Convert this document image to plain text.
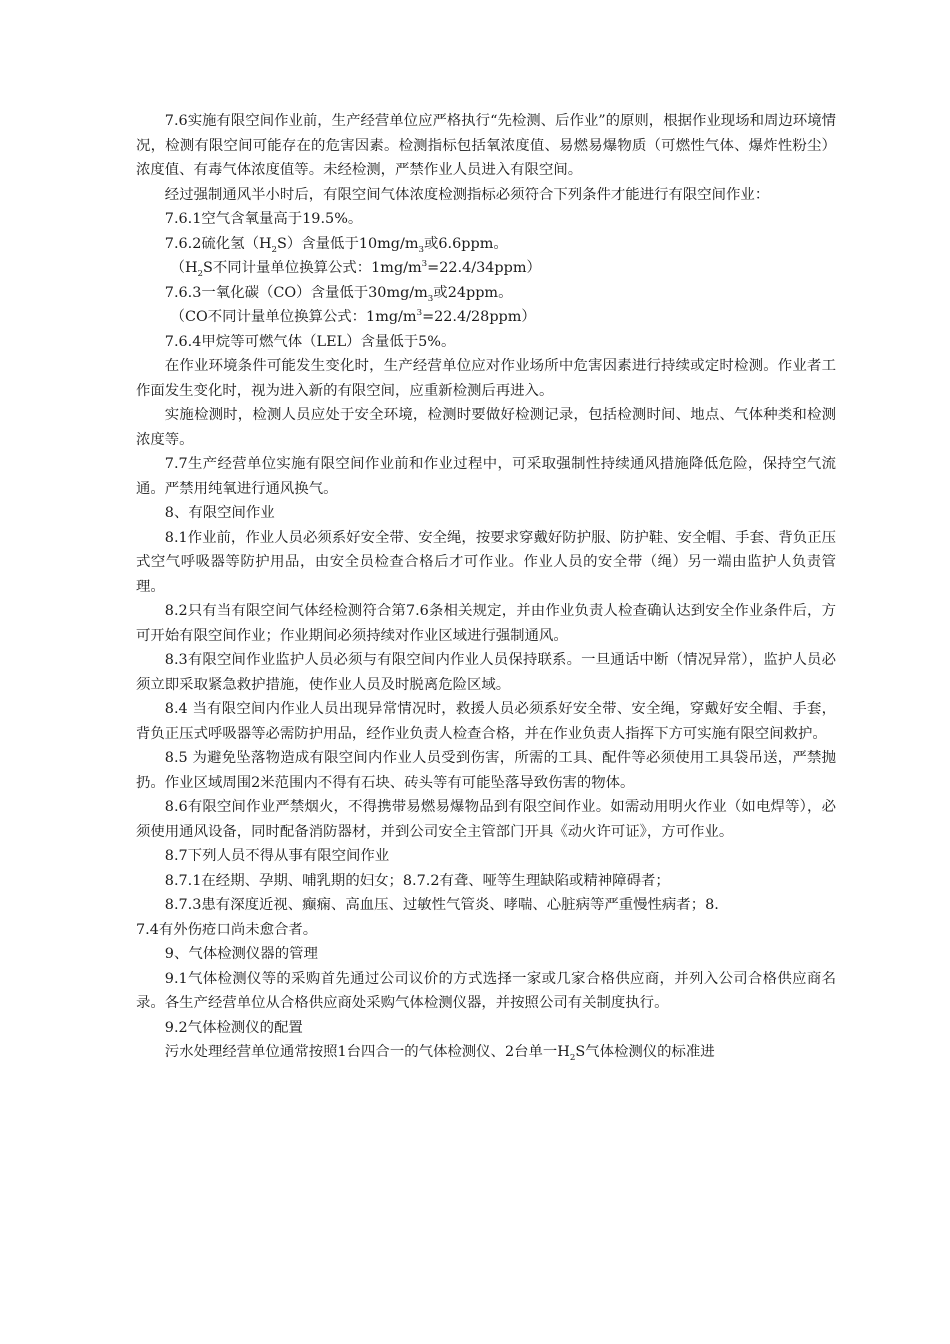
7.6实施有限空间作业前，生产经营单位应严格执行“先检测、后作业”的原则，根据作业现场和周边环境情况，检测有限空间可能存在的危害因素。检测指标包括氧浓度值、易燃易爆物质（可燃性气体、爆炸性粉尘）浓度值、有毒气体浓度值等。未经检测，严禁作业人员进入有限空间。

经过强制通风半小时后，有限空间气体浓度检测指标必须符合下列条件才能进行有限空间作业：

7.6.1空气含氧量高于19.5%。

7.6.2硫化氢$(H_2S)$含量低于$10mg/m_3$或6.6ppm。

（$H_2S$不同计量单位换算公式：$1mg/m^3=22.4/34ppm$）

7.6.3一氧化碳（CO）含量低于$30mg/m_3$或24ppm。

（CO不同计量单位换算公式：$1mg/m^3=22.4/28ppm$）

7.6.4甲烷等可燃气体（LEL）含量低于5%。

在作业环境条件可能发生变化时，生产经营单位应对作业场所中危害因素进行持续或定时检测。作业者工作面发生变化时，视为进入新的有限空间，应重新检测后再进入。

实施检测时，检测人员应处于安全环境，检测时要做好检测记录，包括检测时间、地点、气体种类和检测浓度等。

7.7生产经营单位实施有限空间作业前和作业过程中，可采取强制性持续通风措施降低危险，保持空气流通。严禁用纯氧进行通风换气。

8、有限空间作业

8.1作业前，作业人员必须系好安全带、安全绳，按要求穿戴好防护服、防护鞋、安全帽、手套、背负正压式空气呼吸器等防护用品，由安全员检查合格后才可作业。作业人员的安全带（绳）另一端由监护人负责管理。

8.2只有当有限空间气体经检测符合第7.6条相关规定，并由作业负责人检查确认达到安全作业条件后，方可开始有限空间作业；作业期间必须持续对作业区域进行强制通风。

8.3有限空间作业监护人员必须与有限空间内作业人员保持联系。一旦通话中断（情况异常），监护人员必须立即采取紧急救护措施，使作业人员及时脱离危险区域。

8.4 当有限空间内作业人员出现异常情况时，救援人员必须系好安全带、安全绳，穿戴好安全帽、手套，背负正压式呼吸器等必需防护用品，经作业负责人检查合格，并在作业负责人指挥下方可实施有限空间救护。

8.5 为避免坠落物造成有限空间内作业人员受到伤害，所需的工具、配件等必须使用工具袋吊送，严禁抛扔。作业区域周围2米范围内不得有石块、砖头等有可能坠落导致伤害的物体。

8.6有限空间作业严禁烟火，不得携带易燃易爆物品到有限空间作业。如需动用明火作业（如电焊等），必须使用通风设备，同时配备消防器材，并到公司安全主管部门开具《动火许可证》，方可作业。

8.7下列人员不得从事有限空间作业

8.7.1在经期、孕期、哺乳期的妇女；8.7.2有聋、哑等生理缺陷或精神障碍者；

8.7.3患有深度近视、癫痫、高血压、过敏性气管炎、哮喘、心脏病等严重慢性病者；8.

7.4有外伤疮口尚未愈合者。

9、气体检测仪器的管理

9.1气体检测仪等的采购首先通过公司议价的方式选择一家或几家合格供应商，并列入公司合格供应商名录。各生产经营单位从合格供应商处采购气体检测仪器，并按照公司有关制度执行。

9.2气体检测仪的配置

污水处理经营单位通常按照1台四合一的气体检测仪、2台单一$H_2S$气体检测仪的标准进
